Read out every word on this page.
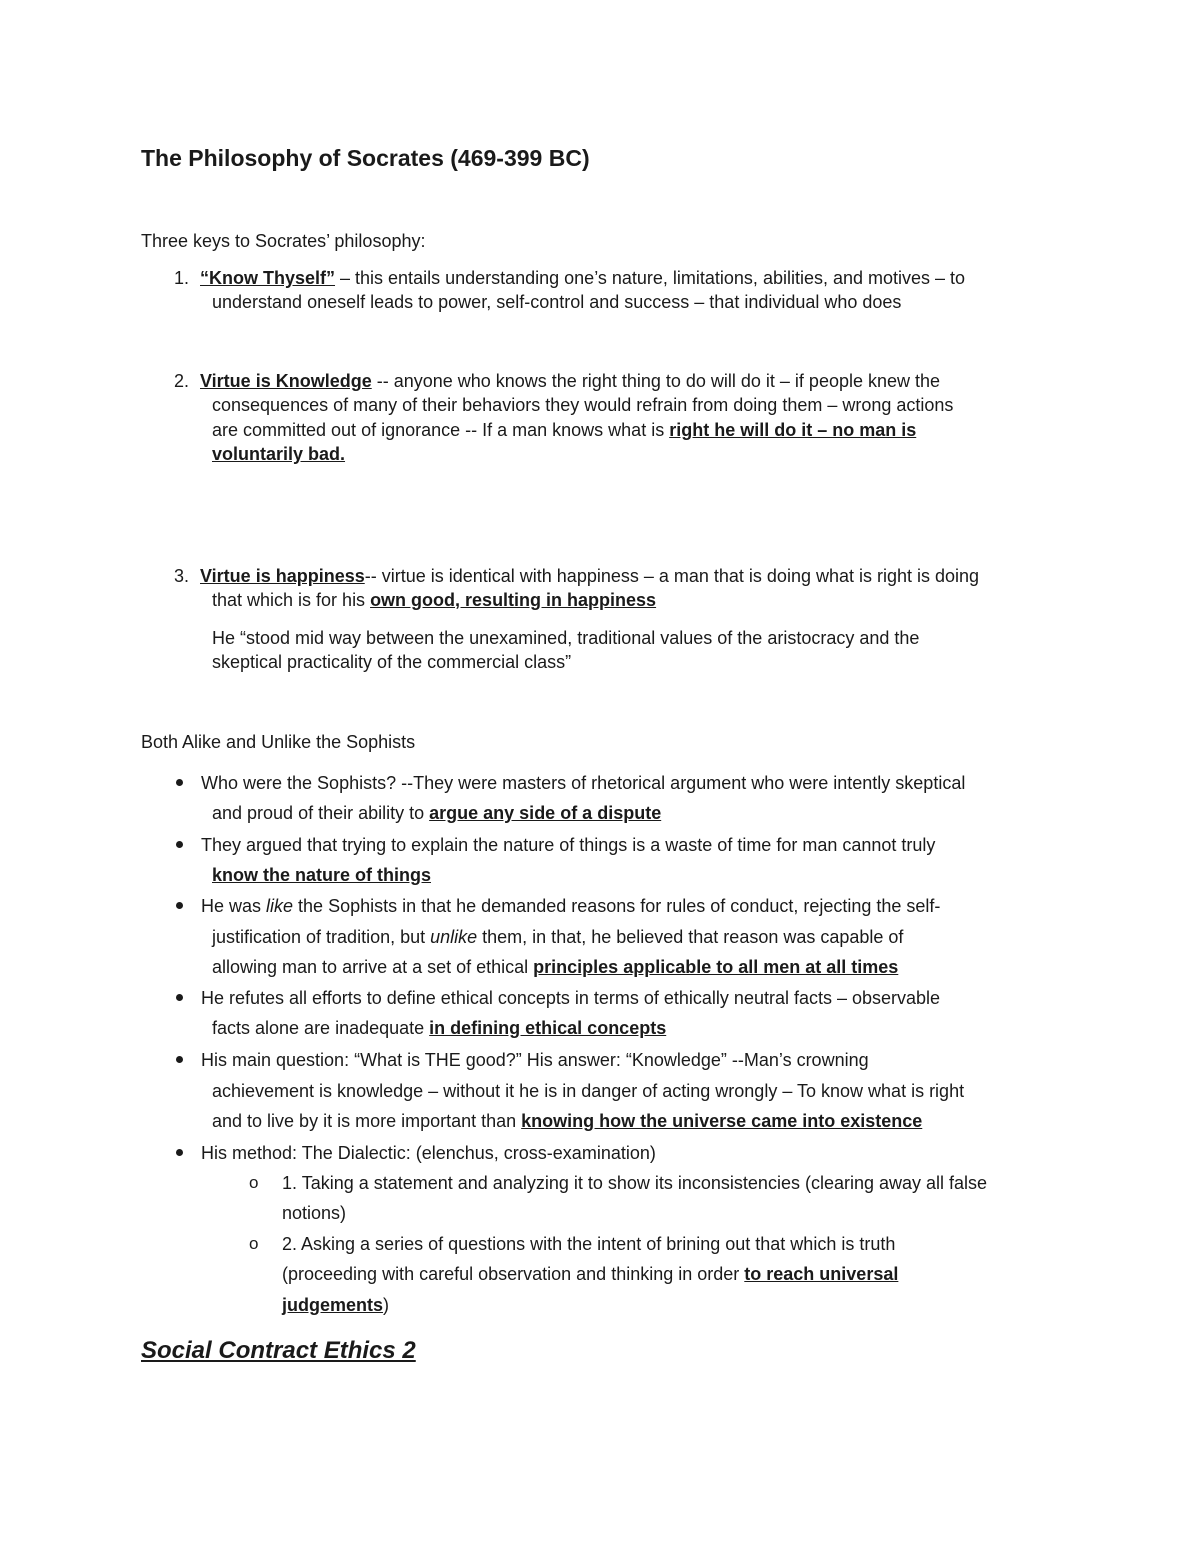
The Philosophy of Socrates (469-399 BC)
Three keys to Socrates’ philosophy:
1. “Know Thyself” – this entails understanding one’s nature, limitations, abilities, and motives – to
understand oneself leads to power, self-control and success – that individual who does
2. Virtue is Knowledge -- anyone who knows the right thing to do will do it – if people knew the
consequences of many of their behaviors they would refrain from doing them – wrong actions
are committed out of ignorance -- If a man knows what is right he will do it – no man is
voluntarily bad.
3. Virtue is happiness-- virtue is identical with happiness – a man that is doing what is right is doing
that which is for his own good, resulting in happiness
He “stood mid way between the unexamined, traditional values of the aristocracy and the
skeptical practicality of the commercial class”
Both Alike and Unlike the Sophists
Who were the Sophists? --They were masters of rhetorical argument who were intently skeptical
and proud of their ability to argue any side of a dispute
They argued that trying to explain the nature of things is a waste of time for man cannot truly
know the nature of things
He was like the Sophists in that he demanded reasons for rules of conduct, rejecting the self-
justification of tradition, but unlike them, in that, he believed that reason was capable of
allowing man to arrive at a set of ethical principles applicable to all men at all times
He refutes all efforts to define ethical concepts in terms of ethically neutral facts – observable
facts alone are inadequate in defining ethical concepts
His main question: “What is THE good?” His answer: “Knowledge” --Man’s crowning
achievement is knowledge – without it he is in danger of acting wrongly – To know what is right
and to live by it is more important than knowing how the universe came into existence
His method: The Dialectic: (elenchus, cross-examination)
o 1. Taking a statement and analyzing it to show its inconsistencies (clearing away all false
notions)
o 2. Asking a series of questions with the intent of brining out that which is truth
(proceeding with careful observation and thinking in order to reach universal
judgements)
Social Contract Ethics 2
